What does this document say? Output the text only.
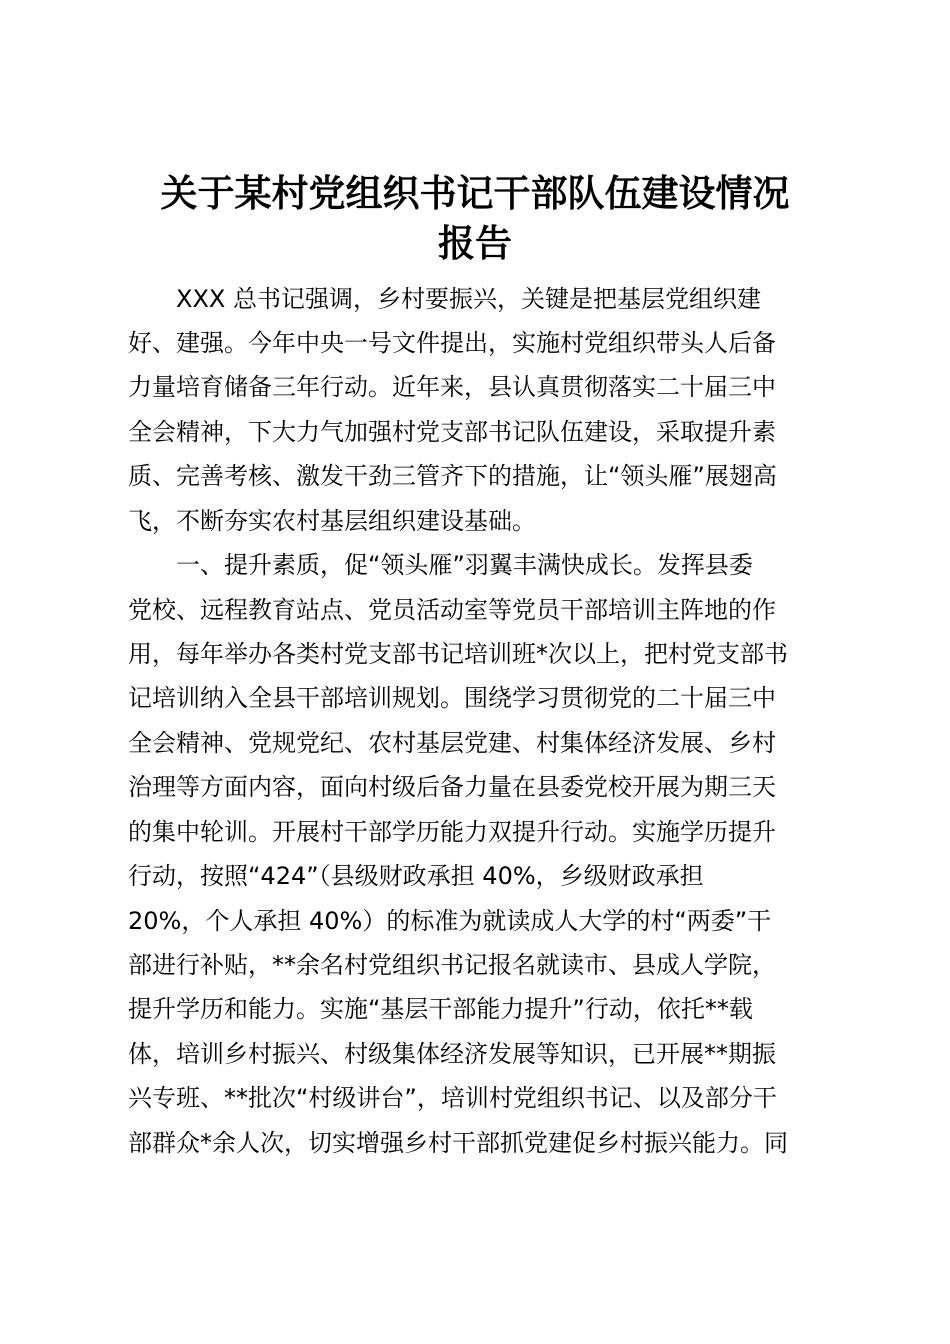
关于某村党组织书记干部队伍建设情况
报告

XXX 总书记强调，乡村要振兴，关键是把基层党组织建

好、建强。今年中央一号文件提出，实施村党组织带头人后备

力量培育储备三年行动。近年来，县认真贯彻落实二十届三中

全会精神，下大力气加强村党支部书记队伍建设，采取提升素

质、完善考核、激发干劲三管齐下的措施，让“领头雁”展翅高

飞，不断夯实农村基层组织建设基础。

一、提升素质，促“领头雁”羽翼丰满快成长。发挥县委

党校、远程教育站点、党员活动室等党员干部培训主阵地的作

用，每年举办各类村党支部书记培训班*次以上，把村党支部书

记培训纳入全县干部培训规划。围绕学习贯彻党的二十届三中

全会精神、党规党纪、农村基层党建、村集体经济发展、乡村

治理等方面内容，面向村级后备力量在县委党校开展为期三天

的集中轮训。开展村干部学历能力双提升行动。实施学历提升

行动，按照“424”（县级财政承担 40%，乡级财政承担

20%，个人承担 40%）的标准为就读成人大学的村“两委”干

部进行补贴，**余名村党组织书记报名就读市、县成人学院，

提升学历和能力。实施“基层干部能力提升”行动，依托**载

体，培训乡村振兴、村级集体经济发展等知识，已开展**期振

兴专班、**批次“村级讲台”，培训村党组织书记、以及部分干

部群众*余人次，切实增强乡村干部抓党建促乡村振兴能力。同
